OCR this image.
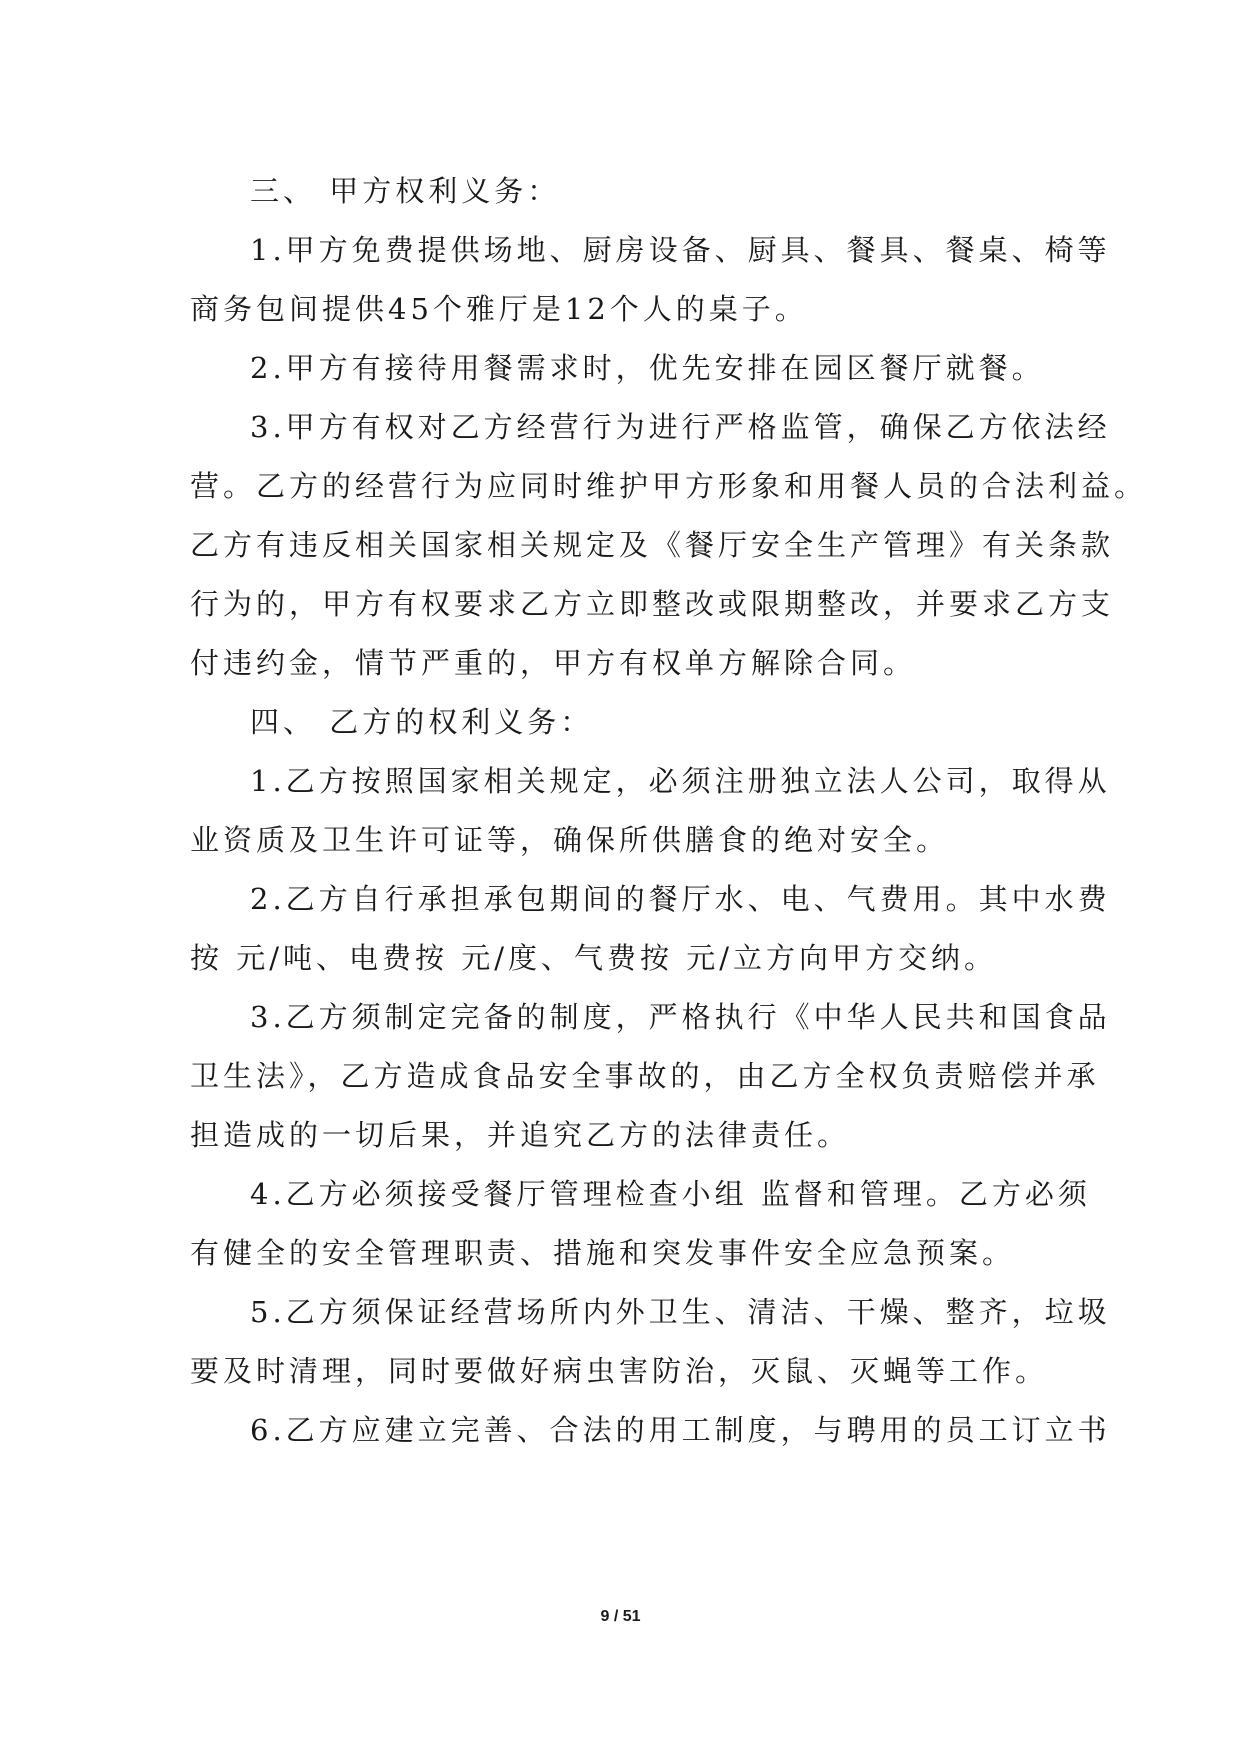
三、 甲方权利义务：

1.甲方免费提供场地、厨房设备、厨具、餐具、餐桌、椅等

商务包间提供45个雅厅是12个人的桌子。

2.甲方有接待用餐需求时，优先安排在园区餐厅就餐。

3.甲方有权对乙方经营行为进行严格监管，确保乙方依法经

营。乙方的经营行为应同时维护甲方形象和用餐人员的合法利益。

乙方有违反相关国家相关规定及《餐厅安全生产管理》有关条款

行为的，甲方有权要求乙方立即整改或限期整改，并要求乙方支

付违约金，情节严重的，甲方有权单方解除合同。

四、 乙方的权利义务：

1.乙方按照国家相关规定，必须注册独立法人公司，取得从

业资质及卫生许可证等，确保所供膳食的绝对安全。

2.乙方自行承担承包期间的餐厅水、电、气费用。其中水费

按 元/吨、电费按 元/度、气费按 元/立方向甲方交纳。

3.乙方须制定完备的制度，严格执行《中华人民共和国食品

卫生法》，乙方造成食品安全事故的，由乙方全权负责赔偿并承

担造成的一切后果，并追究乙方的法律责任。

4.乙方必须接受餐厅管理检查小组 监督和管理。乙方必须

有健全的安全管理职责、措施和突发事件安全应急预案。

5.乙方须保证经营场所内外卫生、清洁、干燥、整齐，垃圾

要及时清理，同时要做好病虫害防治，灭鼠、灭蝇等工作。

6.乙方应建立完善、合法的用工制度，与聘用的员工订立书

9 / 51
